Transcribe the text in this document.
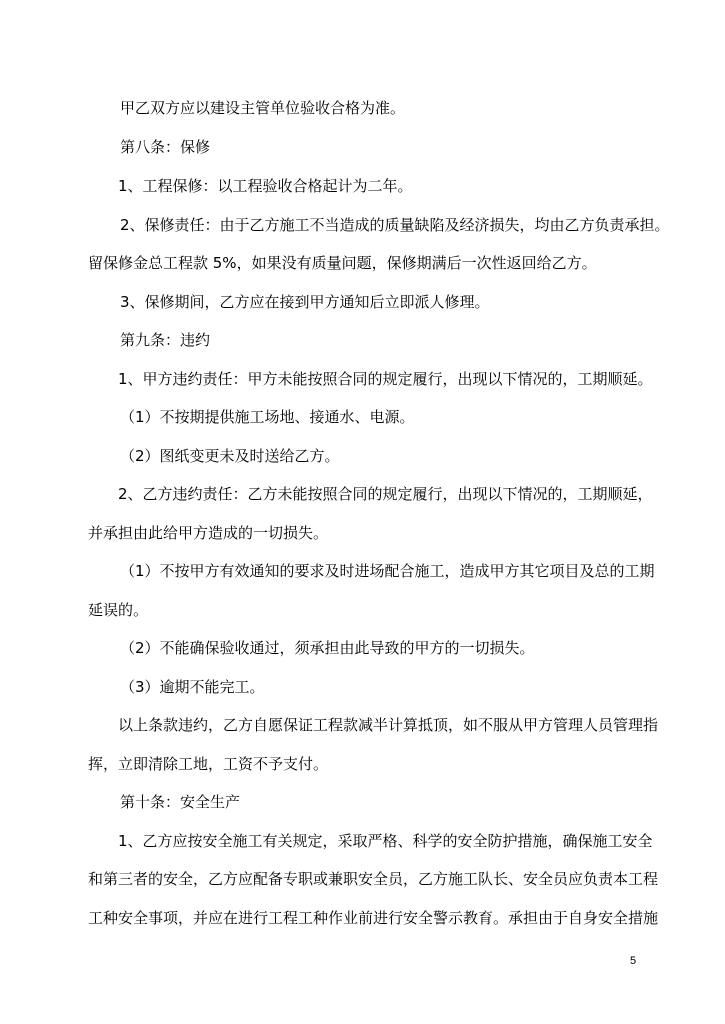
甲乙双方应以建设主管单位验收合格为准。
第八条：保修
1、工程保修：以工程验收合格起计为二年。
2、保修责任：由于乙方施工不当造成的质量缺陷及经济损失，均由乙方负责承担。
留保修金总工程款 5%，如果没有质量问题，保修期满后一次性返回给乙方。
3、保修期间，乙方应在接到甲方通知后立即派人修理。
第九条：违约
1、甲方违约责任：甲方未能按照合同的规定履行，出现以下情况的，工期顺延。
（1）不按期提供施工场地、接通水、电源。
（2）图纸变更未及时送给乙方。
2、乙方违约责任：乙方未能按照合同的规定履行，出现以下情况的，工期顺延，
并承担由此给甲方造成的一切损失。
（1）不按甲方有效通知的要求及时进场配合施工，造成甲方其它项目及总的工期
延误的。
（2）不能确保验收通过，须承担由此导致的甲方的一切损失。
（3）逾期不能完工。
以上条款违约，乙方自愿保证工程款减半计算抵顶，如不服从甲方管理人员管理指
挥，立即清除工地，工资不予支付。
第十条：安全生产
1、乙方应按安全施工有关规定，采取严格、科学的安全防护措施，确保施工安全
和第三者的安全，乙方应配备专职或兼职安全员，乙方施工队长、安全员应负责本工程
工种安全事项，并应在进行工程工种作业前进行安全警示教育。承担由于自身安全措施
5
